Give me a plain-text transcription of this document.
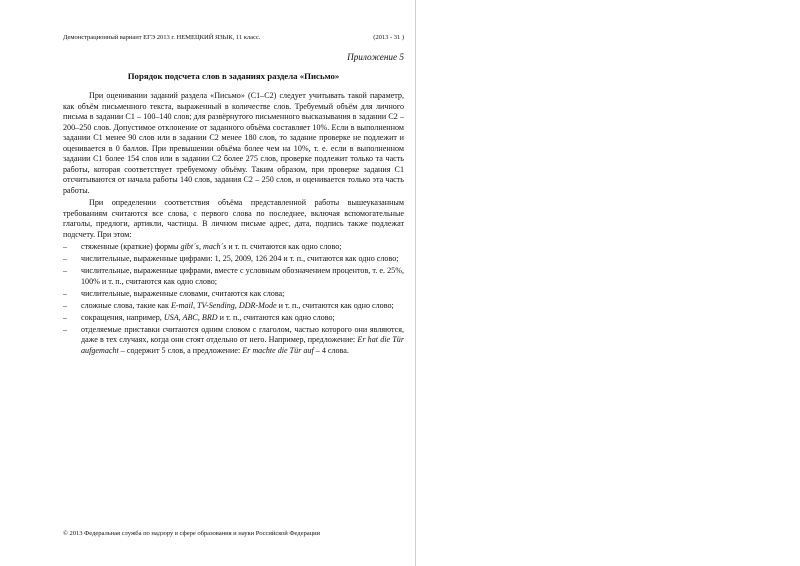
Демонстрационный вариант ЕГЭ 2013 г. НЕМЕЦКИЙ ЯЗЫК, 11 класс.	(2013 - 31 )
Приложение 5
Порядок подсчета слов в заданиях раздела «Письмо»

При оценивании заданий раздела «Письмо» (С1–С2) следует учитывать такой параметр, как объём письменного текста, выраженный в количестве слов. Требуемый объём для личного письма в задании С1 – 100–140 слов; для развёрнутого письменного высказывания в задании С2 – 200–250 слов. Допустимое отклонение от заданного объёма составляет 10%. Если в выполненном задании С1 менее 90 слов или в задании С2 менее 180 слов, то задание проверке не подлежит и оценивается в 0 баллов. При превышении объёма более чем на 10%, т. е. если в выполненном задании С1 более 154 слов или в задании С2 более 275 слов, проверке подлежит только та часть работы, которая соответствует требуемому объёму. Таким образом, при проверке задания С1 отсчитываются от начала работы 140 слов, задания С2 – 250 слов, и оценивается только эта часть работы.

При определении соответствия объёма представленной работы вышеуказанным требованиям считаются все слова, с первого слова по последнее, включая вспомогательные глаголы, предлоги, артикли, частицы. В личном письме адрес, дата, подпись также подлежат подсчету. При этом:

– стяженные (краткие) формы gibt´s, mach´s и т. п. считаются как одно слово;
– числительные, выраженные цифрами: 1, 25, 2009, 126 204 и т. п., считаются как одно слово;
– числительные, выраженные цифрами, вместе с условным обозначением процентов, т. е. 25%, 100% и т. п., считаются как одно слово;
– числительные, выраженные словами, считаются как слова;
– сложные слова, такие как E-mail, TV-Sending, DDR-Mode и т. п., считаются как одно слово;
– сокращения, например, USA, ABC, BRD и т. п., считаются как одно слово;
– отделяемые приставки считаются одним словом с глаголом, частью которого они являются, даже в тех случаях, когда они стоят отдельно от него. Например, предложение: Er hat die Tür aufgemacht – содержит 5 слов, а предложение: Er machte die Tür auf – 4 слова.
© 2013 Федеральная служба по надзору в сфере образования и науки Российской Федерации
